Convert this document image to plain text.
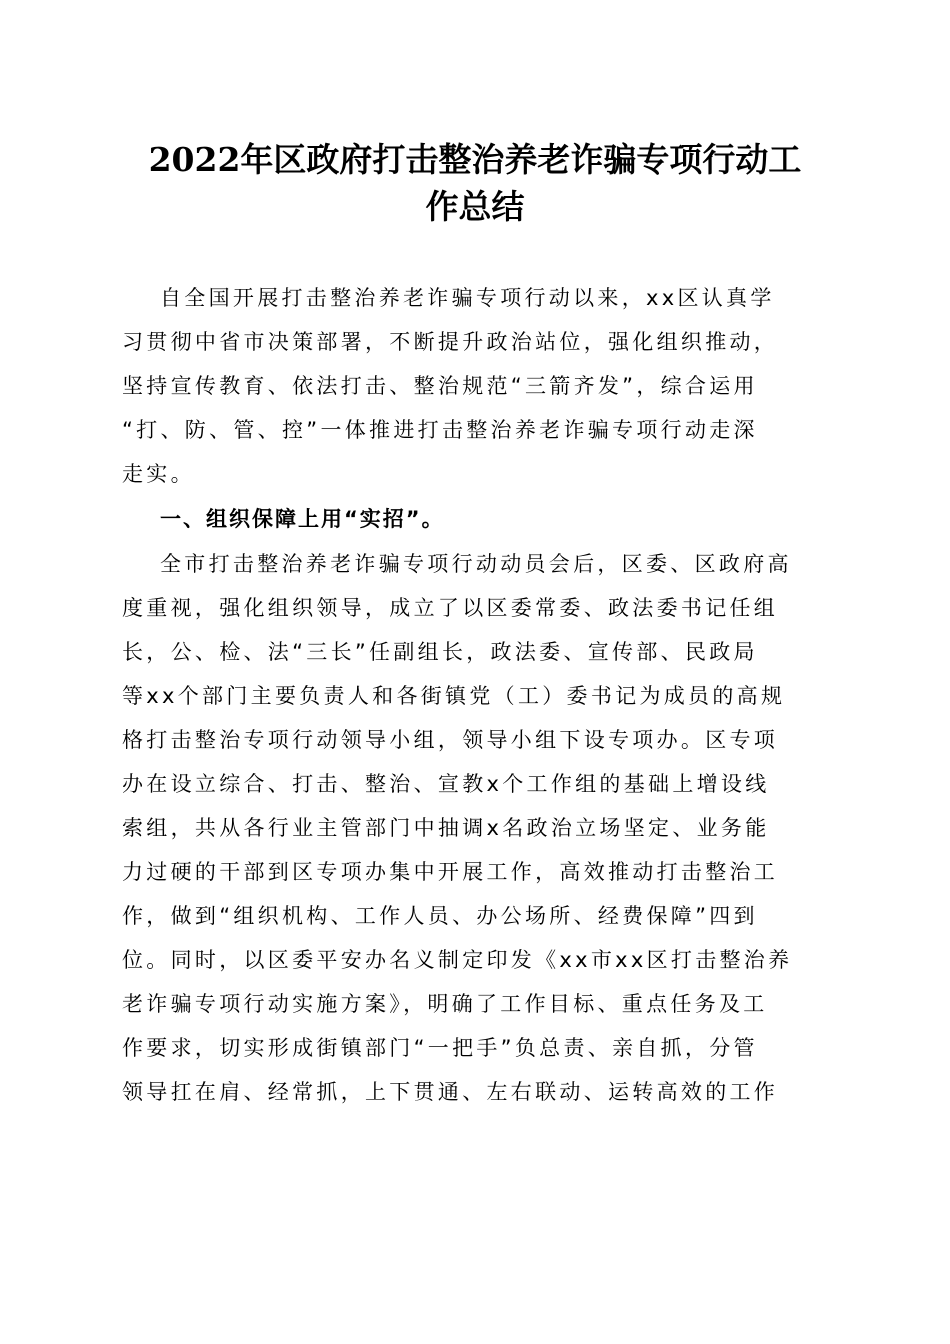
2022年区政府打击整治养老诈骗专项行动工
作总结

自全国开展打击整治养老诈骗专项行动以来，xx区认真学

习贯彻中省市决策部署，不断提升政治站位，强化组织推动，

坚持宣传教育、依法打击、整治规范“三箭齐发”，综合运用

“打、防、管、控”一体推进打击整治养老诈骗专项行动走深

走实。

一、组织保障上用“实招”。

全市打击整治养老诈骗专项行动动员会后，区委、区政府高

度重视，强化组织领导，成立了以区委常委、政法委书记任组

长，公、检、法“三长”任副组长，政法委、宣传部、民政局

等xx个部门主要负责人和各街镇党（工）委书记为成员的高规

格打击整治专项行动领导小组，领导小组下设专项办。区专项

办在设立综合、打击、整治、宣教x个工作组的基础上增设线

索组，共从各行业主管部门中抽调x名政治立场坚定、业务能

力过硬的干部到区专项办集中开展工作，高效推动打击整治工

作，做到“组织机构、工作人员、办公场所、经费保障”四到

位。同时，以区委平安办名义制定印发《xx市xx区打击整治养

老诈骗专项行动实施方案》，明确了工作目标、重点任务及工

作要求，切实形成街镇部门“一把手”负总责、亲自抓，分管

领导扛在肩、经常抓，上下贯通、左右联动、运转高效的工作
